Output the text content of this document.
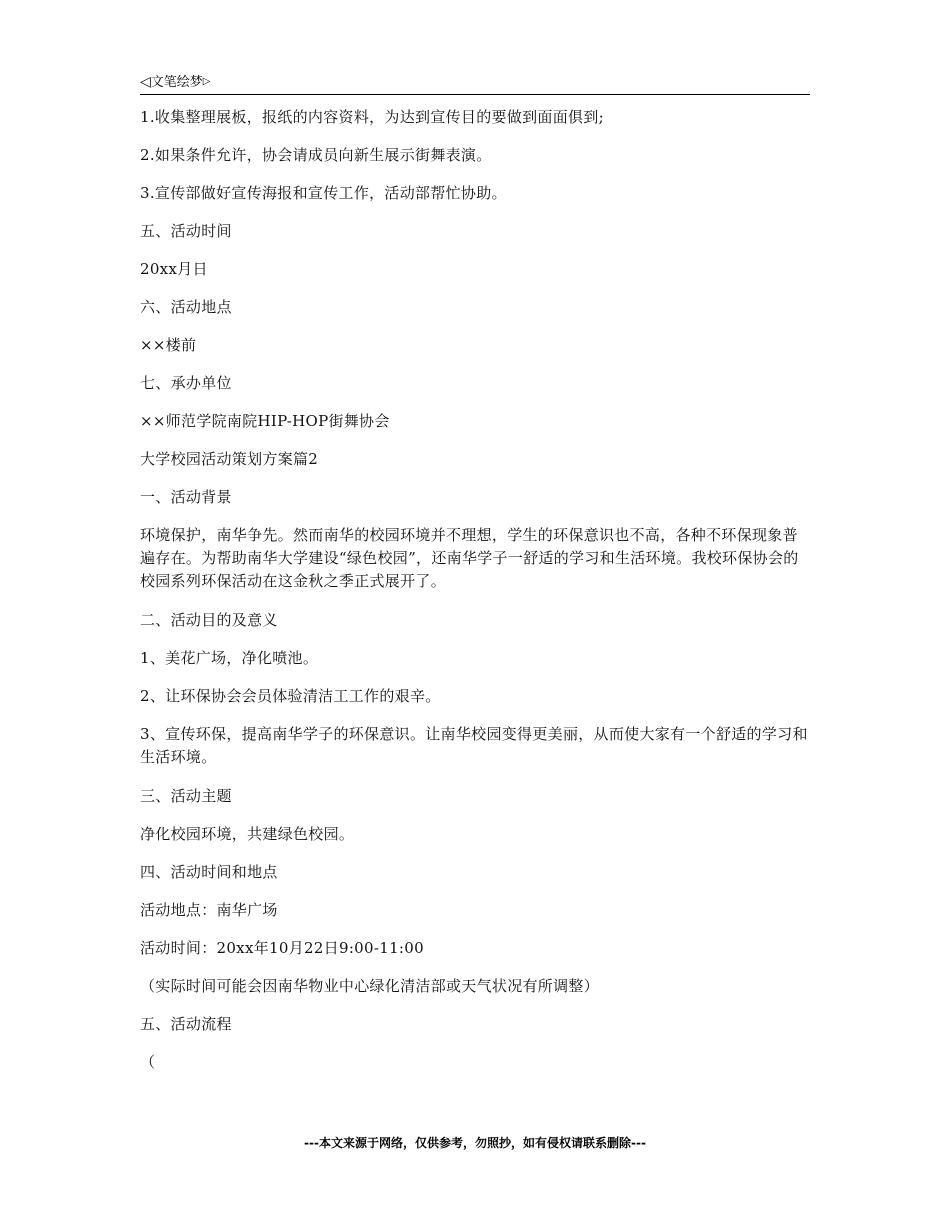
◁文笔绘梦▷

1.收集整理展板，报纸的内容资料，为达到宣传目的要做到面面俱到;

2.如果条件允许，协会请成员向新生展示街舞表演。

3.宣传部做好宣传海报和宣传工作，活动部帮忙协助。

五、活动时间

20xx月日

六、活动地点

××楼前

七、承办单位

××师范学院南院HIP-HOP街舞协会

大学校园活动策划方案篇2

一、活动背景

环境保护，南华争先。然而南华的校园环境并不理想，学生的环保意识也不高，各种不环保现象普遍存在。为帮助南华大学建设“绿色校园”，还南华学子一舒适的学习和生活环境。我校环保协会的校园系列环保活动在这金秋之季正式展开了。

二、活动目的及意义

1、美花广场，净化喷池。

2、让环保协会会员体验清洁工工作的艰辛。

3、宣传环保，提高南华学子的环保意识。让南华校园变得更美丽，从而使大家有一个舒适的学习和生活环境。

三、活动主题

净化校园环境，共建绿色校园。

四、活动时间和地点

活动地点：南华广场

活动时间：20xx年10月22日9:00-11:00

（实际时间可能会因南华物业中心绿化清洁部或天气状况有所调整）

五、活动流程

（

---本文来源于网络，仅供参考，勿照抄，如有侵权请联系删除---
